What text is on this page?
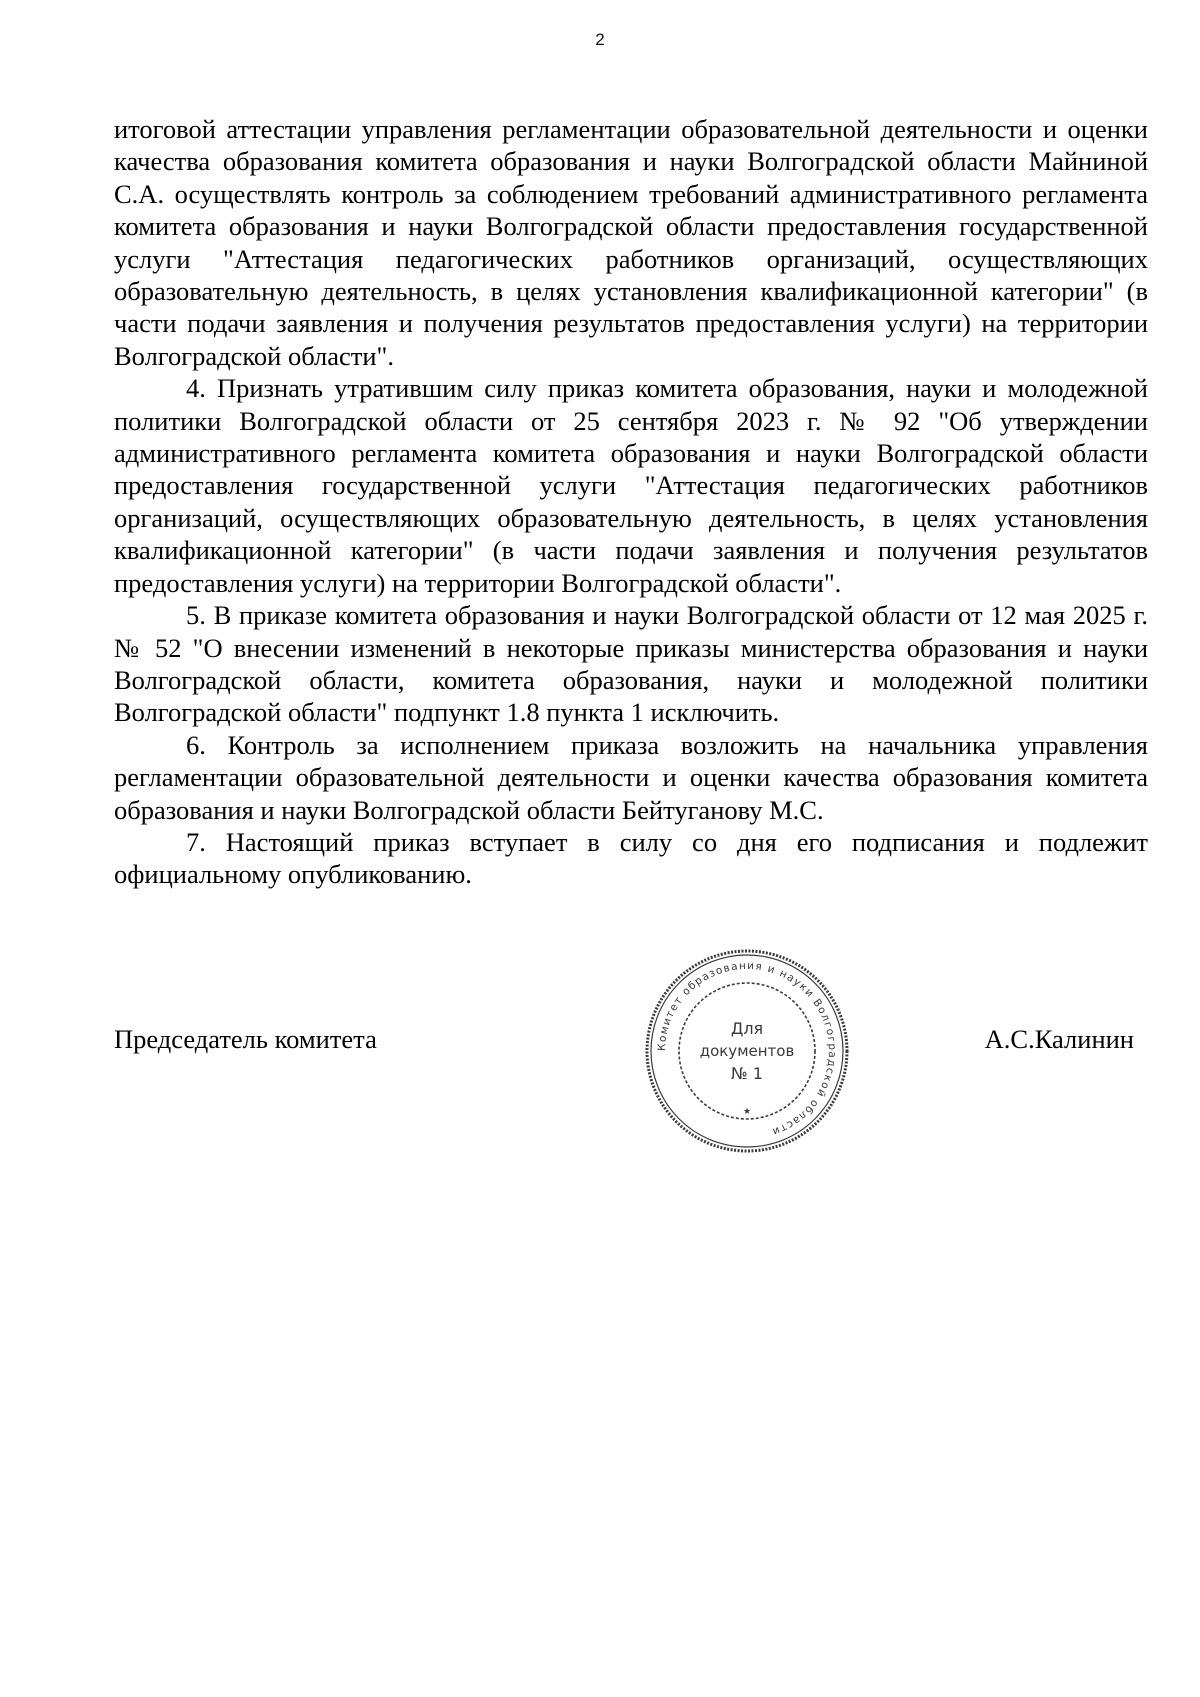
2

итоговой аттестации управления регламентации образовательной деятельности и оценки качества образования комитета образования и науки Волгоградской области Майниной С.А. осуществлять контроль за соблюдением требований административного регламента комитета образования и науки Волгоградской области предоставления государственной услуги "Аттестация педагогических работников организаций, осуществляющих образовательную деятельность, в целях установления квалификационной категории" (в части подачи заявления и получения результатов предоставления услуги) на территории Волгоградской области".

4. Признать утратившим силу приказ комитета образования, науки и молодежной политики Волгоградской области от 25 сентября 2023 г. № 92 "Об утверждении административного регламента комитета образования и науки Волгоградской области предоставления государственной услуги "Аттестация педагогических работников организаций, осуществляющих образовательную деятельность, в целях установления квалификационной категории" (в части подачи заявления и получения результатов предоставления услуги) на территории Волгоградской области".

5. В приказе комитета образования и науки Волгоградской области от 12 мая 2025 г. № 52 "О внесении изменений в некоторые приказы министерства образования и науки Волгоградской области, комитета образования, науки и молодежной политики Волгоградской области" подпункт 1.8 пункта 1 исключить.

6. Контроль за исполнением приказа возложить на начальника управления регламентации образовательной деятельности и оценки качества образования комитета образования и науки Волгоградской области Бейтуганову М.С.

7. Настоящий приказ вступает в силу со дня его подписания и подлежит официальному опубликованию.

Председатель комитета	А.С.Калинин
Комитет образования и науки Волгоградской области
Для
документов
№ 1
★
